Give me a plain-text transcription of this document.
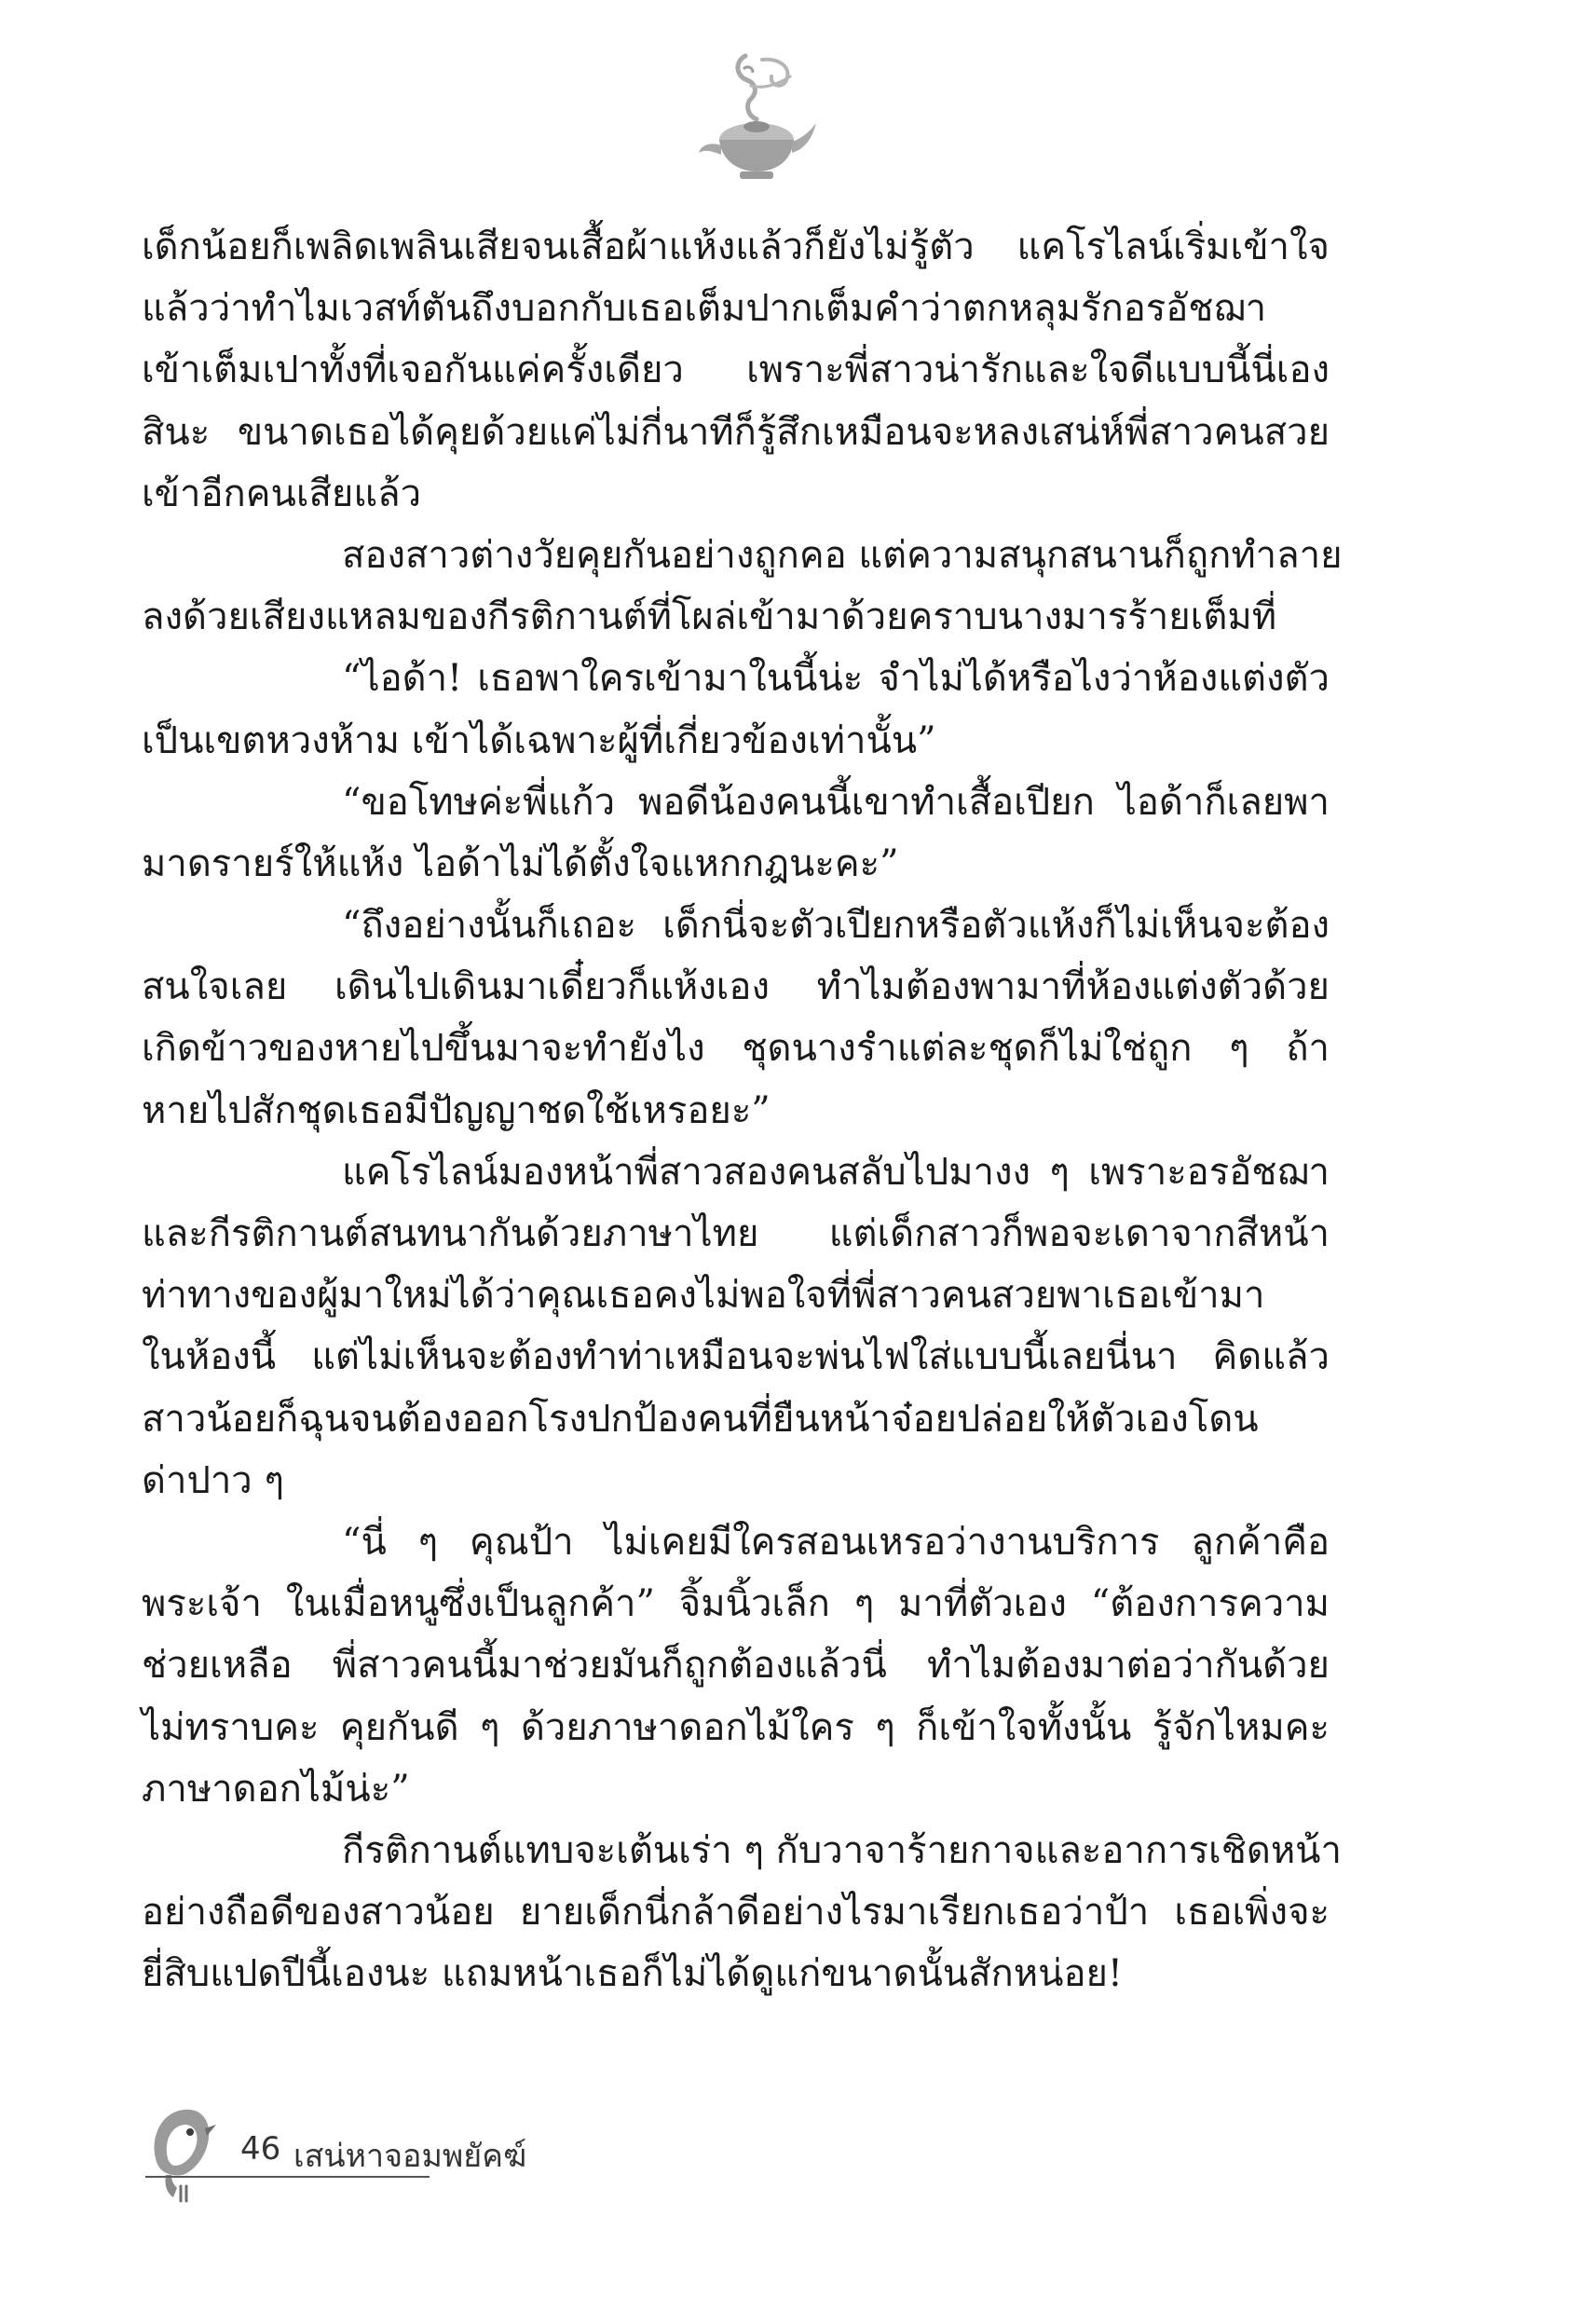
เด็กน้อยก็เพลิดเพลินเสียจนเสื้อผ้าแห้งแล้วก็ยังไม่รู้ตัว แคโรไลน์เริ่มเข้าใจ
แล้วว่าทำไมเวสท์ตันถึงบอกกับเธอเต็มปากเต็มคำว่าตกหลุมรักอรอัชฌา
เข้าเต็มเปาทั้งที่เจอกันแค่ครั้งเดียว เพราะพี่สาวน่ารักและใจดีแบบนี้นี่เอง
สินะ ขนาดเธอได้คุยด้วยแค่ไม่กี่นาทีก็รู้สึกเหมือนจะหลงเสน่ห์พี่สาวคนสวย
เข้าอีกคนเสียแล้ว
สองสาวต่างวัยคุยกันอย่างถูกคอ แต่ความสนุกสนานก็ถูกทำลาย
ลงด้วยเสียงแหลมของกีรติกานต์ที่โผล่เข้ามาด้วยคราบนางมารร้ายเต็มที่
“ไอด้า! เธอพาใครเข้ามาในนี้น่ะ จำไม่ได้หรือไงว่าห้องแต่งตัว
เป็นเขตหวงห้าม เข้าได้เฉพาะผู้ที่เกี่ยวข้องเท่านั้น”
“ขอโทษค่ะพี่แก้ว พอดีน้องคนนี้เขาทำเสื้อเปียก ไอด้าก็เลยพา
มาดรายร์ให้แห้ง ไอด้าไม่ได้ตั้งใจแหกกฎนะคะ”
“ถึงอย่างนั้นก็เถอะ เด็กนี่จะตัวเปียกหรือตัวแห้งก็ไม่เห็นจะต้อง
สนใจเลย เดินไปเดินมาเดี๋ยวก็แห้งเอง ทำไมต้องพามาที่ห้องแต่งตัวด้วย
เกิดข้าวของหายไปขึ้นมาจะทำยังไง ชุดนางรำแต่ละชุดก็ไม่ใช่ถูก ๆ ถ้า
หายไปสักชุดเธอมีปัญญาชดใช้เหรอยะ”
แคโรไลน์มองหน้าพี่สาวสองคนสลับไปมางง ๆ เพราะอรอัชฌา
และกีรติกานต์สนทนากันด้วยภาษาไทย แต่เด็กสาวก็พอจะเดาจากสีหน้า
ท่าทางของผู้มาใหม่ได้ว่าคุณเธอคงไม่พอใจที่พี่สาวคนสวยพาเธอเข้ามา
ในห้องนี้ แต่ไม่เห็นจะต้องทำท่าเหมือนจะพ่นไฟใส่แบบนี้เลยนี่นา คิดแล้ว
สาวน้อยก็ฉุนจนต้องออกโรงปกป้องคนที่ยืนหน้าจ๋อยปล่อยให้ตัวเองโดน
ด่าปาว ๆ
“นี่ ๆ คุณป้า ไม่เคยมีใครสอนเหรอว่างานบริการ ลูกค้าคือ
พระเจ้า ในเมื่อหนูซึ่งเป็นลูกค้า” จิ้มนิ้วเล็ก ๆ มาที่ตัวเอง “ต้องการความ
ช่วยเหลือ พี่สาวคนนี้มาช่วยมันก็ถูกต้องแล้วนี่ ทำไมต้องมาต่อว่ากันด้วย
ไม่ทราบคะ คุยกันดี ๆ ด้วยภาษาดอกไม้ใคร ๆ ก็เข้าใจทั้งนั้น รู้จักไหมคะ
ภาษาดอกไม้น่ะ”
กีรติกานต์แทบจะเต้นเร่า ๆ กับวาจาร้ายกาจและอาการเชิดหน้า
อย่างถือดีของสาวน้อย ยายเด็กนี่กล้าดีอย่างไรมาเรียกเธอว่าป้า เธอเพิ่งจะ
ยี่สิบแปดปีนี้เองนะ แถมหน้าเธอก็ไม่ได้ดูแก่ขนาดนั้นสักหน่อย!
46 เสน่หาจอมพยัคฆ์
